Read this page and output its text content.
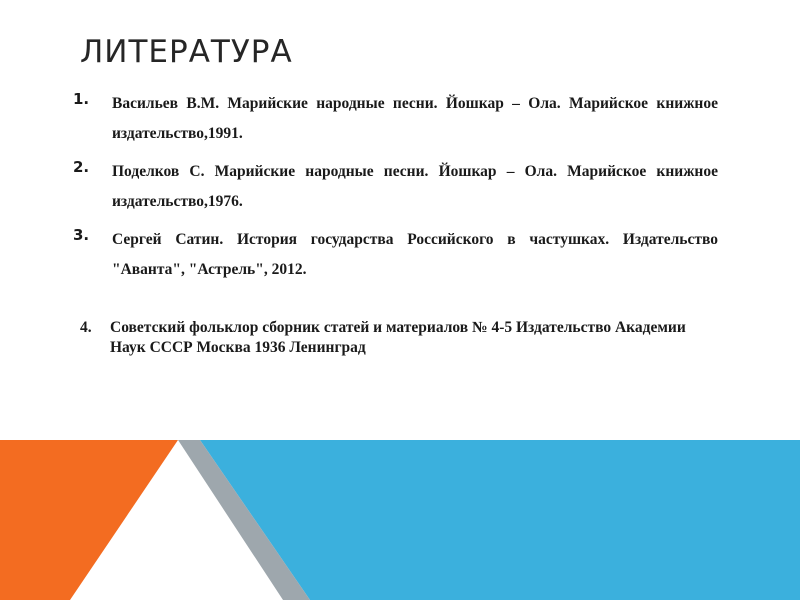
ЛИТЕРАТУРА
1. Васильев В.М. Марийские народные песни. Йошкар – Ола. Марийское книжное издательство,1991.
2. Поделков С. Марийские народные песни. Йошкар – Ола. Марийское книжное издательство,1976.
3. Сергей Сатин. История государства Российского в частушках. Издательство "Аванта", "Астрель", 2012.
4.	Советский фольклор сборник статей и материалов № 4-5 Издательство Академии Наук СССР Москва 1936 Ленинград
